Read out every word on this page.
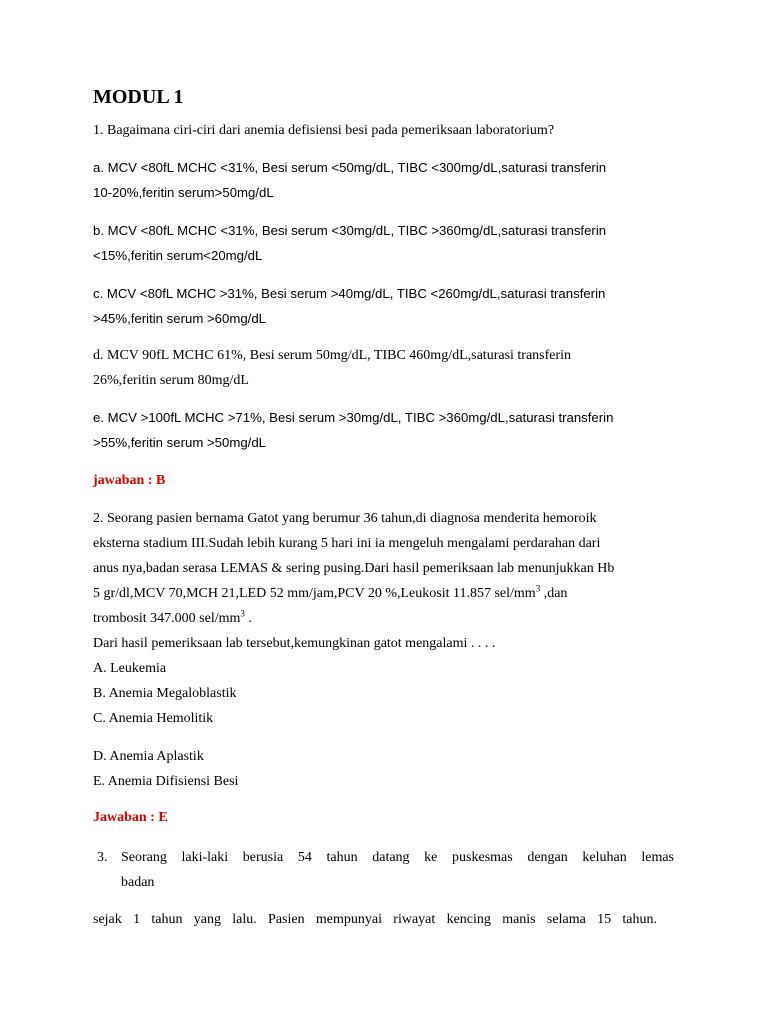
MODUL 1
1. Bagaimana ciri-ciri dari anemia defisiensi besi pada pemeriksaan laboratorium?
a. MCV <80fL MCHC <31%, Besi serum <50mg/dL, TIBC <300mg/dL,saturasi transferin
10-20%,feritin serum>50mg/dL
b. MCV <80fL MCHC <31%, Besi serum <30mg/dL, TIBC >360mg/dL,saturasi transferin
<15%,feritin serum<20mg/dL
c. MCV <80fL MCHC >31%, Besi serum >40mg/dL, TIBC <260mg/dL,saturasi transferin
>45%,feritin serum >60mg/dL
d. MCV 90fL MCHC 61%, Besi serum 50mg/dL, TIBC 460mg/dL,saturasi transferin
26%,feritin serum 80mg/dL
e. MCV >100fL MCHC >71%, Besi serum >30mg/dL, TIBC >360mg/dL,saturasi transferin
>55%,feritin serum >50mg/dL
jawaban : B
2. Seorang pasien bernama Gatot yang berumur 36 tahun,di diagnosa menderita hemoroik
eksterna stadium III.Sudah lebih kurang 5 hari ini ia mengeluh mengalami perdarahan dari
anus nya,badan serasa LEMAS & sering pusing.Dari hasil pemeriksaan lab menunjukkan Hb
5 gr/dl,MCV 70,MCH 21,LED 52 mm/jam,PCV 20 %,Leukosit 11.857 sel/$mm^3$ ,dan
trombosit 347.000 sel/$mm^3$ .
Dari hasil pemeriksaan lab tersebut,kemungkinan gatot mengalami . . . .
A. Leukemia
B. Anemia Megaloblastik
C. Anemia Hemolitik
D. Anemia Aplastik
E. Anemia Difisiensi Besi
Jawaban : E
3. Seorang laki-laki berusia 54 tahun datang ke puskesmas dengan keluhan lemas
badan
sejak 1 tahun yang lalu. Pasien mempunyai riwayat kencing manis selama 15 tahun.
